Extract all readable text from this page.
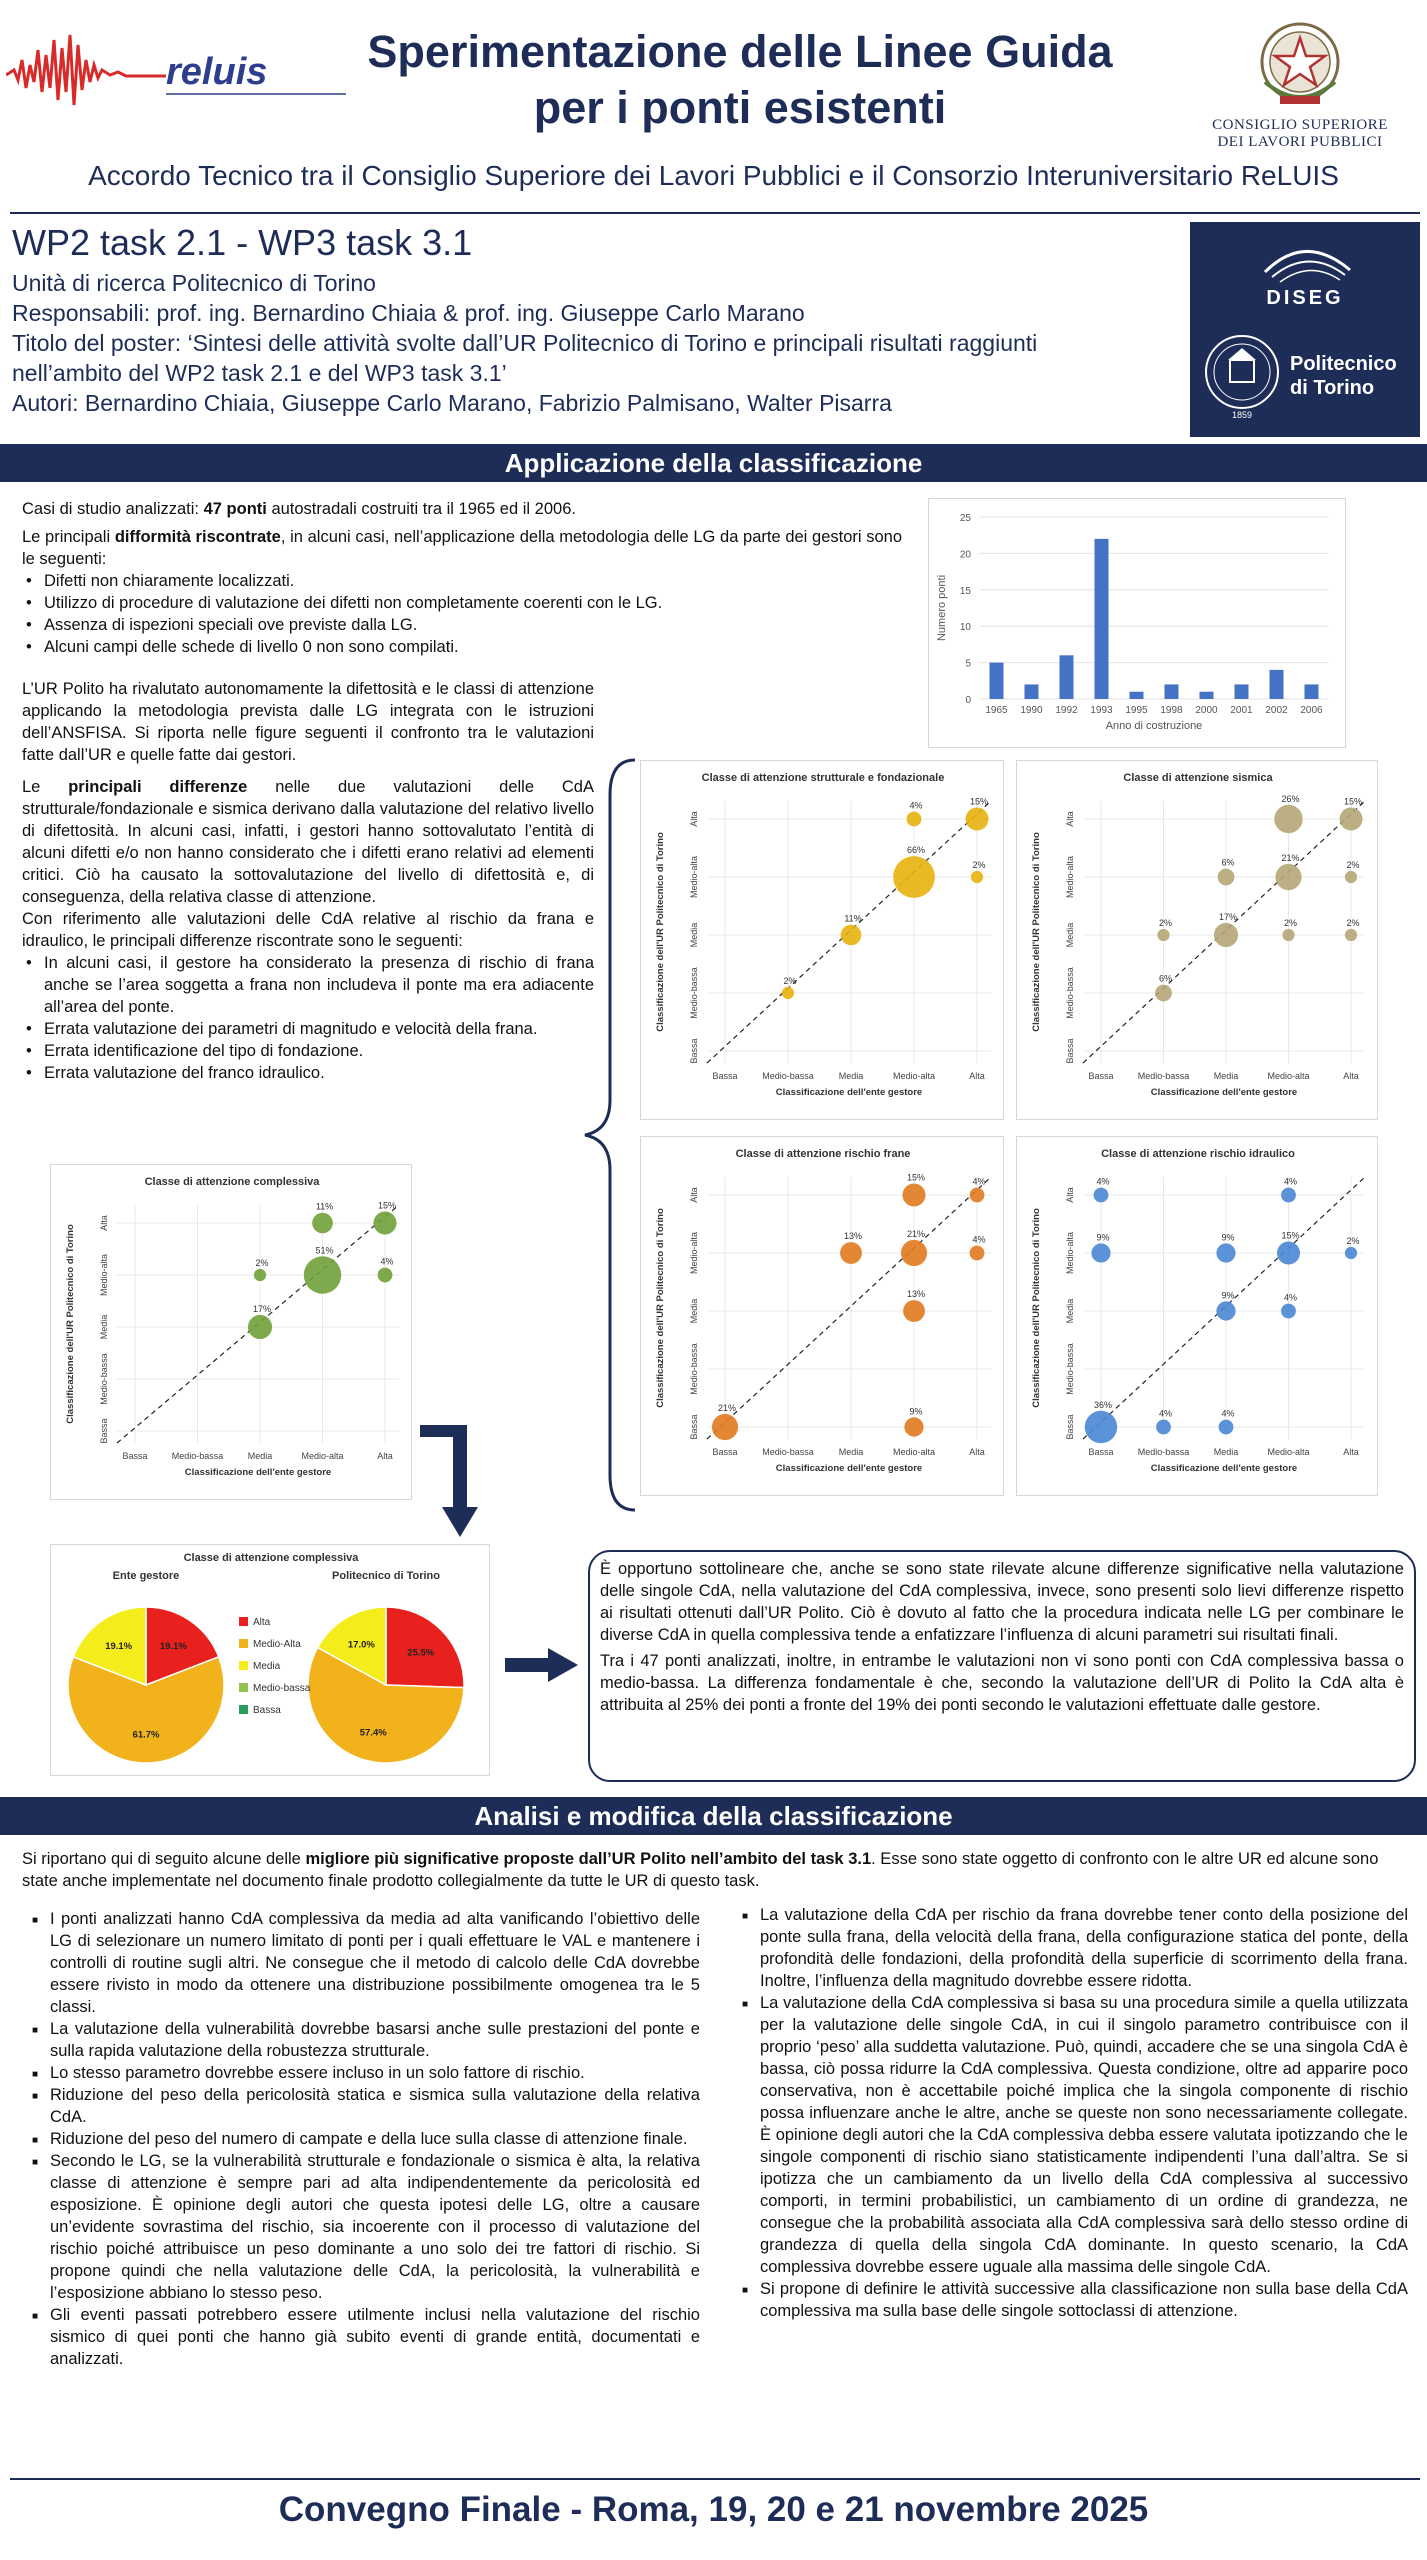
reluis Sperimentazione delle Linee Guida
per i ponti esistenti	CONSIGLIO SUPERIORE
DEI LAVORI PUBBLICI
Accordo Tecnico tra il Consiglio Superiore dei Lavori Pubblici e il Consorzio Interuniversitario ReLUIS
WP2 task 2.1 - WP3 task 3.1
Unità di ricerca Politecnico di Torino
Responsabili: prof. ing. Bernardino Chiaia & prof. ing. Giuseppe Carlo Marano
Titolo del poster: ‘Sintesi delle attività svolte dall’UR Politecnico di Torino e principali risultati raggiunti
nell’ambito del WP2 task 2.1 e del WP3 task 3.1’
Autori: Bernardino Chiaia, Giuseppe Carlo Marano, Fabrizio Palmisano, Walter Pisarra
DISEG
1859
Politecnico
di Torino
Applicazione della classificazione

Casi di studio analizzati: 47 ponti autostradali costruiti tra il 1965 ed il 2006.

Le principali difformità riscontrate, in alcuni casi, nell’applicazione della metodologia delle LG da parte dei gestori sono le seguenti:

• Difetti non chiaramente localizzati.
• Utilizzo di procedure di valutazione dei difetti non completamente coerenti con le LG.
• Assenza di ispezioni speciali ove previste dalla LG.
• Alcuni campi delle schede di livello 0 non sono compilati.

L’UR Polito ha rivalutato autonomamente la difettosità e le classi di attenzione applicando la metodologia prevista dalle LG integrata con le istruzioni dell’ANSFISA. Si riporta nelle figure seguenti il confronto tra le valutazioni fatte dall’UR e quelle fatte dai gestori.

Le principali differenze nelle due valutazioni delle CdA strutturale/fondazionale e sismica derivano dalla valutazione del relativo livello di difettosità. In alcuni casi, infatti, i gestori hanno sottovalutato l’entità di alcuni difetti e/o non hanno considerato che i difetti erano relativi ad elementi critici. Ciò ha causato la sottovalutazione del livello di difettosità e, di conseguenza, della relativa classe di attenzione.

Con riferimento alle valutazioni delle CdA relative al rischio da frana e idraulico, le principali differenze riscontrate sono le seguenti:

• In alcuni casi, il gestore ha considerato la presenza di rischio di frana anche se l’area soggetta a frana non includeva il ponte ma era adiacente all’area del ponte.
• Errata valutazione dei parametri di magnitudo e velocità della frana.
• Errata identificazione del tipo di fondazione.
• Errata valutazione del franco idraulico.
0
5
10
15
20
25
1965 1990 1992 1993 1995 1998 2000 2001 2002 2006
Anno di costruzione
Numero ponti
Classe di attenzione strutturale e fondazionale
Bassa
Bassa
Medio-bassa
Medio-bassa
Media
Media
Medio-alta
Medio-alta
Alta
Alta
2%
11%
66%
4%	15%
2%
Classificazione dell'ente gestore
Classificazione dell'UR Politecnico di Torino
Classe di attenzione sismica
Bassa
Bassa
Medio-bassa
Medio-bassa
Media
Media
Medio-alta
Medio-alta
Alta
Alta
6%
2%
17%
6%	21%
26%
2%
15%
2%
2%
Classificazione dell'ente gestore
Classificazione dell'UR Politecnico di Torino
Classe di attenzione complessiva
Bassa
Bassa
Medio-bassa
Medio-bassa
Media
Media
Medio-alta
Medio-alta
Alta
Alta
17%
2%
51%
11%	15%
4%
Classificazione dell'ente gestore
Classificazione dell'UR Politecnico di Torino
Classe di attenzione rischio frane
Bassa
Bassa
Medio-bassa
Medio-bassa
Media
Media
Medio-alta
Medio-alta
Alta
Alta
21%
13%
15%
21%
13%
9%
4%
4%
Classificazione dell'ente gestore
Classificazione dell'UR Politecnico di Torino
Classe di attenzione rischio idraulico
Bassa
Bassa
Medio-bassa
Medio-bassa
Media
Media
Medio-alta
Medio-alta
Alta
Alta
36%
9%
4%
4%	4%
9%
9%	15%
4%
4%
2%
Classificazione dell'ente gestore
Classificazione dell'UR Politecnico di Torino
Classe di attenzione complessiva
Ente gestore
19.1%
61.7%
19.1%
Politecnico di Torino
25.5%
57.4%
17.0%
Alta
Medio-Alta
Media
Medio-bassa
Bassa

È opportuno sottolineare che, anche se sono state rilevate alcune differenze significative nella valutazione delle singole CdA, nella valutazione del CdA complessiva, invece, sono presenti solo lievi differenze rispetto ai risultati ottenuti dall’UR Polito. Ciò è dovuto al fatto che la procedura indicata nelle LG per combinare le diverse CdA in quella complessiva tende a enfatizzare l’influenza di alcuni parametri sui risultati finali.

Tra i 47 ponti analizzati, inoltre, in entrambe le valutazioni non vi sono ponti con CdA complessiva bassa o medio-bassa. La differenza fondamentale è che, secondo la valutazione dell’UR di Polito la CdA alta è attribuita al 25% dei ponti a fronte del 19% dei ponti secondo le valutazioni effettuate dalle gestore.

Analisi e modifica della classificazione
Si riportano qui di seguito alcune delle migliore più significative proposte dall’UR Polito nell’ambito del task 3.1. Esse sono state oggetto di confronto con le altre UR ed alcune sono state anche implementate nel documento finale prodotto collegialmente da tutte le UR di questo task.
■ I ponti analizzati hanno CdA complessiva da media ad alta vanificando l’obiettivo delle LG di selezionare un numero limitato di ponti per i quali effettuare le VAL e mantenere i controlli di routine sugli altri. Ne consegue che il metodo di calcolo delle CdA dovrebbe essere rivisto in modo da ottenere una distribuzione possibilmente omogenea tra le 5 classi.
■ La valutazione della vulnerabilità dovrebbe basarsi anche sulle prestazioni del ponte e sulla rapida valutazione della robustezza strutturale.
■ Lo stesso parametro dovrebbe essere incluso in un solo fattore di rischio.
■ Riduzione del peso della pericolosità statica e sismica sulla valutazione della relativa CdA.
■ Riduzione del peso del numero di campate e della luce sulla classe di attenzione finale.
■ Secondo le LG, se la vulnerabilità strutturale e fondazionale o sismica è alta, la relativa classe di attenzione è sempre pari ad alta indipendentemente da pericolosità ed esposizione. È opinione degli autori che questa ipotesi delle LG, oltre a causare un’evidente sovrastima del rischio, sia incoerente con il processo di valutazione del rischio poiché attribuisce un peso dominante a uno solo dei tre fattori di rischio. Si propone quindi che nella valutazione delle CdA, la pericolosità, la vulnerabilità e l’esposizione abbiano lo stesso peso.
■ Gli eventi passati potrebbero essere utilmente inclusi nella valutazione del rischio sismico di quei ponti che hanno già subito eventi di grande entità, documentati e analizzati.
■ La valutazione della CdA per rischio da frana dovrebbe tener conto della posizione del ponte sulla frana, della velocità della frana, della configurazione statica del ponte, della profondità delle fondazioni, della profondità della superficie di scorrimento della frana. Inoltre, l’influenza della magnitudo dovrebbe essere ridotta.
■ La valutazione della CdA complessiva si basa su una procedura simile a quella utilizzata per la valutazione delle singole CdA, in cui il singolo parametro contribuisce con il proprio ‘peso’ alla suddetta valutazione. Può, quindi, accadere che se una singola CdA è bassa, ciò possa ridurre la CdA complessiva. Questa condizione, oltre ad apparire poco conservativa, non è accettabile poiché implica che la singola componente di rischio possa influenzare anche le altre, anche se queste non sono necessariamente collegate. È opinione degli autori che la CdA complessiva debba essere valutata ipotizzando che le singole componenti di rischio siano statisticamente indipendenti l’una dall’altra. Se si ipotizza che un cambiamento da un livello della CdA complessiva al successivo comporti, in termini probabilistici, un cambiamento di un ordine di grandezza, ne consegue che la probabilità associata alla CdA complessiva sarà dello stesso ordine di grandezza di quella della singola CdA dominante. In questo scenario, la CdA complessiva dovrebbe essere uguale alla massima delle singole CdA.
■ Si propone di definire le attività successive alla classificazione non sulla base della CdA complessiva ma sulla base delle singole sottoclassi di attenzione.
Convegno Finale - Roma, 19, 20 e 21 novembre 2025
